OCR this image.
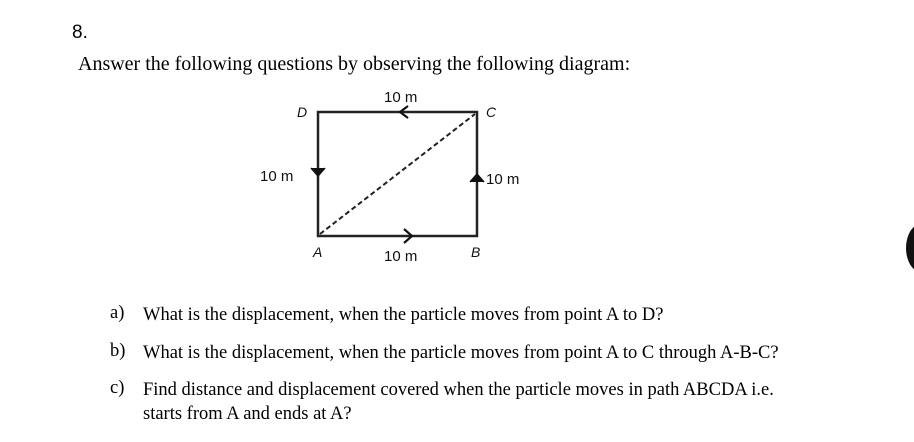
8.
Answer the following questions by observing the following diagram:
10 m
10 m	10 m
10 m
D	C
A	B
a) What is the displacement, when the particle moves from point A to D?
b) What is the displacement, when the particle moves from point A to C through A-B-C?
c) Find distance and displacement covered when the particle moves in path ABCDA i.e.
starts from A and ends at A?
